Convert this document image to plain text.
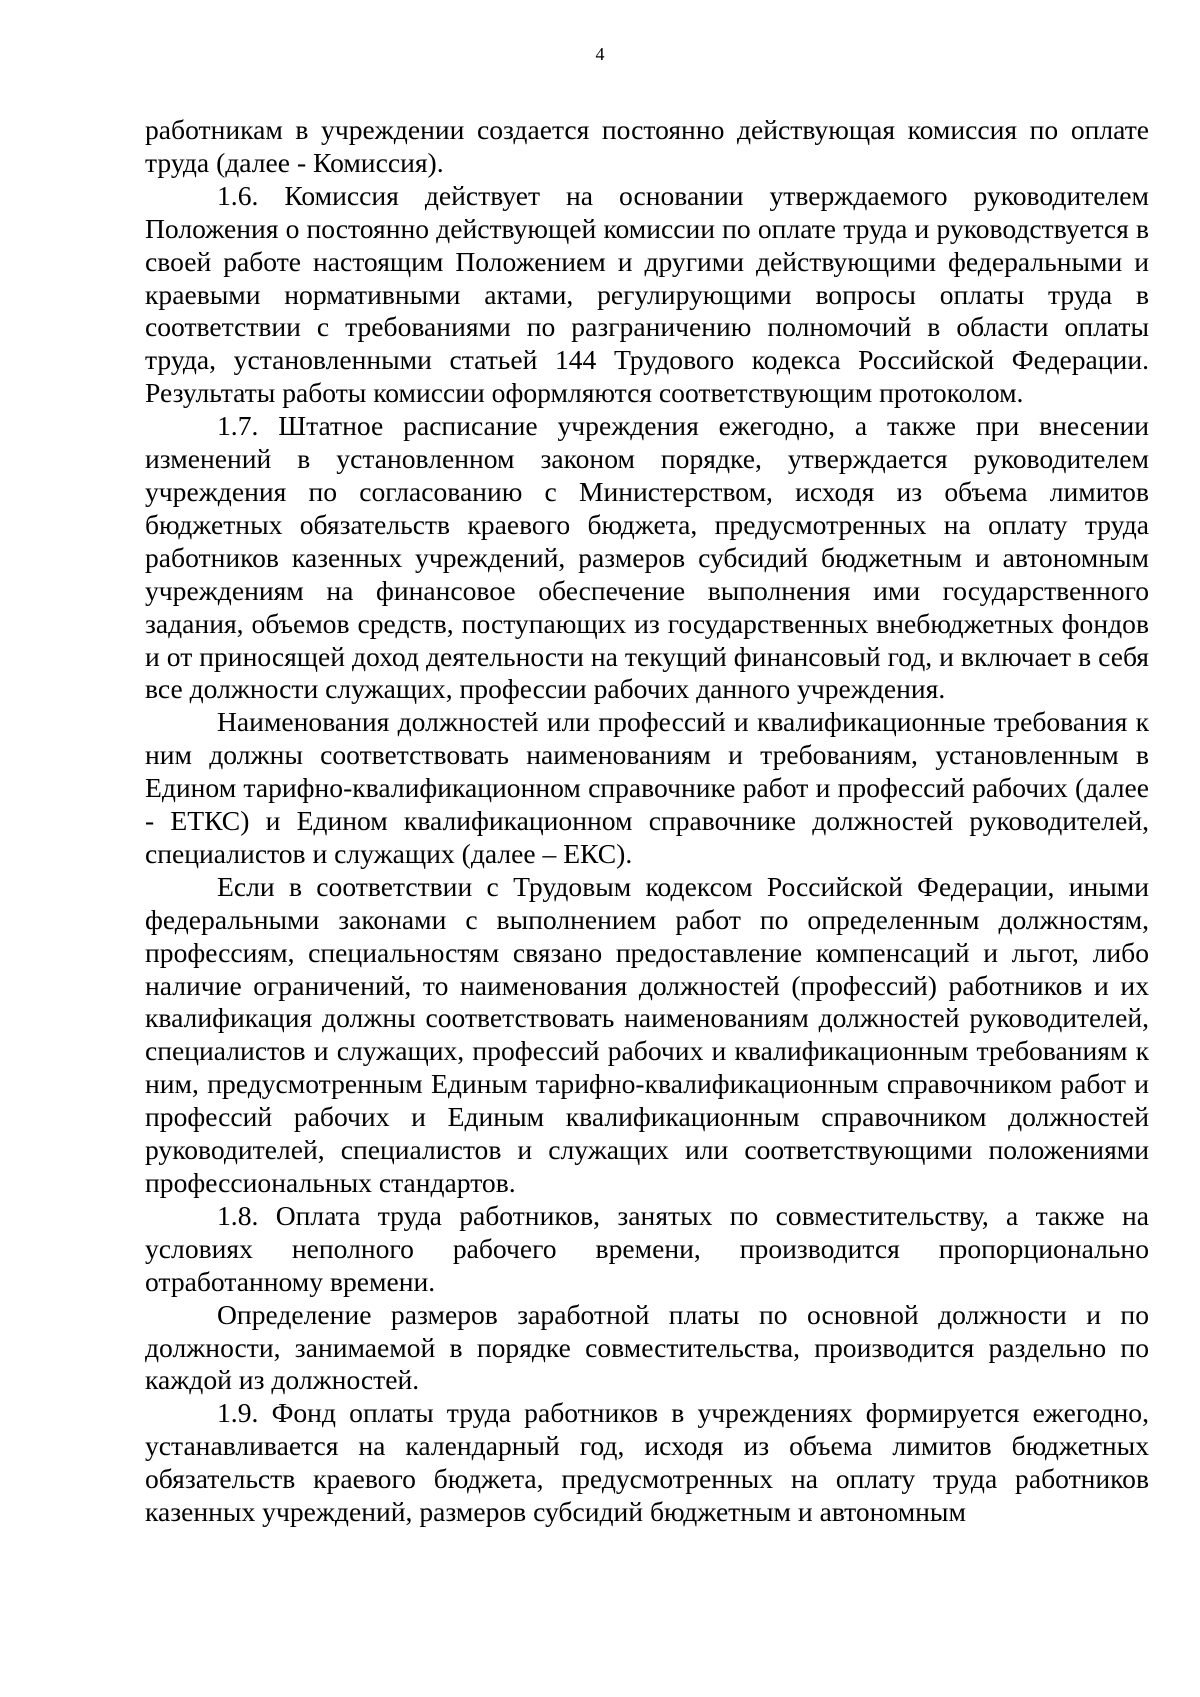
4

работникам в учреждении создается постоянно действующая комиссия по оплате труда (далее - Комиссия).

1.6. Комиссия действует на основании утверждаемого руководителем Положения о постоянно действующей комиссии по оплате труда и руководствуется в своей работе настоящим Положением и другими действующими федеральными и краевыми нормативными актами, регулирующими вопросы оплаты труда в соответствии с требованиями по разграничению полномочий в области оплаты труда, установленными статьей 144 Трудового кодекса Российской Федерации. Результаты работы комиссии оформляются соответствующим протоколом.

1.7. Штатное расписание учреждения ежегодно, а также при внесении изменений в установленном законом порядке, утверждается руководителем учреждения по согласованию с Министерством, исходя из объема лимитов бюджетных обязательств краевого бюджета, предусмотренных на оплату труда работников казенных учреждений, размеров субсидий бюджетным и автономным учреждениям на финансовое обеспечение выполнения ими государственного задания, объемов средств, поступающих из государственных внебюджетных фондов и от приносящей доход деятельности на текущий финансовый год, и включает в себя все должности служащих, профессии рабочих данного учреждения.

Наименования должностей или профессий и квалификационные требования к ним должны соответствовать наименованиям и требованиям, установленным в Едином тарифно-квалификационном справочнике работ и профессий рабочих (далее - ЕТКС) и Едином квалификационном справочнике должностей руководителей, специалистов и служащих (далее – ЕКС).

Если в соответствии с Трудовым кодексом Российской Федерации, иными федеральными законами с выполнением работ по определенным должностям, профессиям, специальностям связано предоставление компенсаций и льгот, либо наличие ограничений, то наименования должностей (профессий) работников и их квалификация должны соответствовать наименованиям должностей руководителей, специалистов и служащих, профессий рабочих и квалификационным требованиям к ним, предусмотренным Единым тарифно-квалификационным справочником работ и профессий рабочих и Единым квалификационным справочником должностей руководителей, специалистов и служащих или соответствующими положениями профессиональных стандартов.

1.8. Оплата труда работников, занятых по совместительству, а также на условиях неполного рабочего времени, производится пропорционально отработанному времени.

Определение размеров заработной платы по основной должности и по должности, занимаемой в порядке совместительства, производится раздельно по каждой из должностей.

1.9. Фонд оплаты труда работников в учреждениях формируется ежегодно, устанавливается на календарный год, исходя из объема лимитов бюджетных обязательств краевого бюджета, предусмотренных на оплату труда работников казенных учреждений, размеров субсидий бюджетным и автономным
